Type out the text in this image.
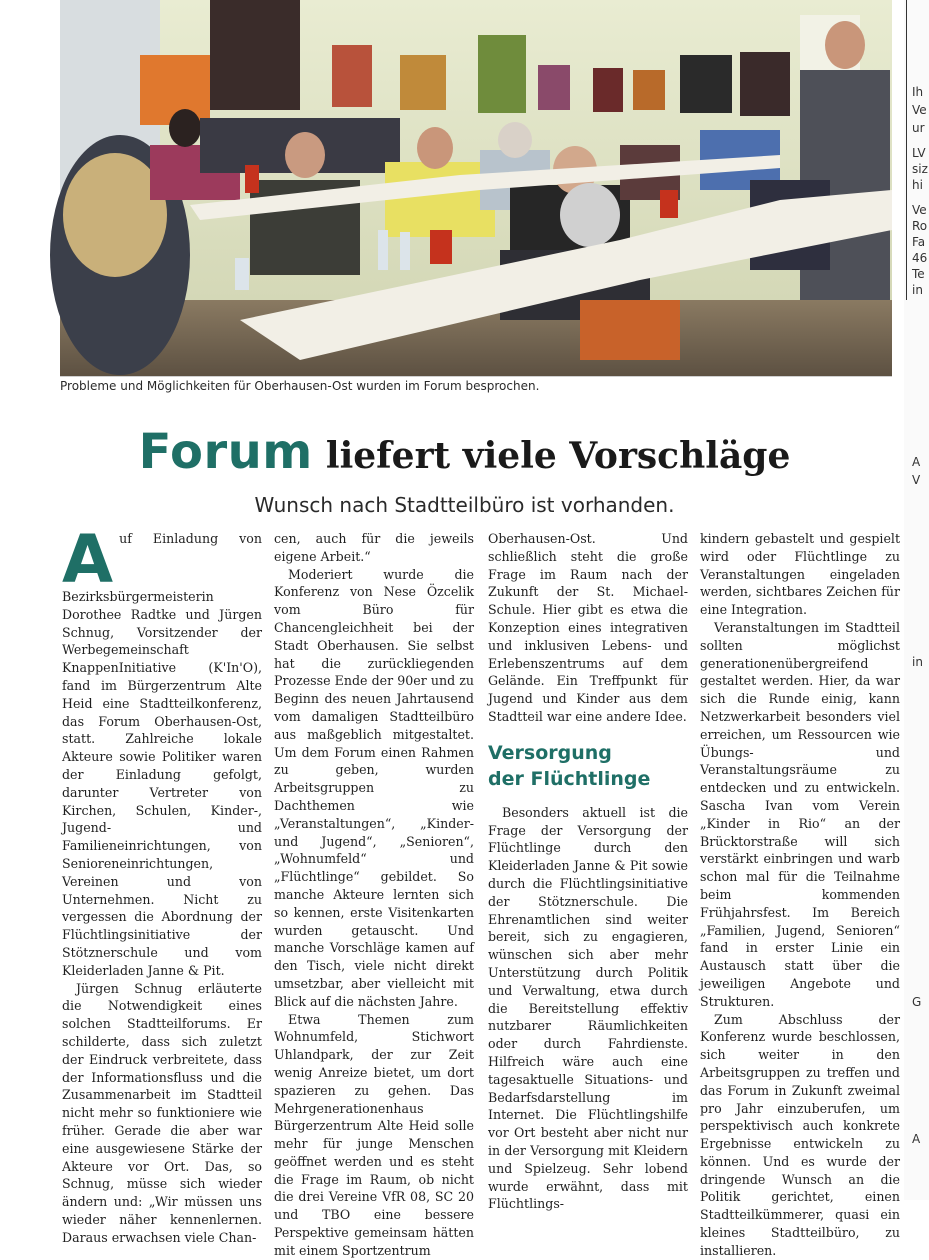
Probleme und Möglichkeiten für Oberhausen-Ost wurden im Forum besprochen.
Forum liefert viele Vorschläge
Wunsch nach Stadtteilbüro ist vorhanden.

Auf Einladung von Bezirksbürgermeisterin Dorothee Radtke und Jürgen Schnug, Vorsitzender der Werbegemeinschaft KnappenInitiative (K'In'O), fand im Bürgerzentrum Alte Heid eine Stadtteilkonferenz, das Forum Oberhausen-Ost, statt. Zahlreiche lokale Akteure sowie Politiker waren der Einladung gefolgt, darunter Vertreter von Kirchen, Schulen, Kinder-, Jugend- und Familieneinrichtungen, von Senioreneinrichtungen, Vereinen und von Unternehmen. Nicht zu vergessen die Abordnung der Flüchtlingsinitiative der Stötznerschule und vom Kleiderladen Janne & Pit.

Jürgen Schnug erläuterte die Notwendigkeit eines solchen Stadtteilforums. Er schilderte, dass sich zuletzt der Eindruck verbreitete, dass der Informationsfluss und die Zusammenarbeit im Stadtteil nicht mehr so funktioniere wie früher. Gerade die aber war eine ausgewiesene Stärke der Akteure vor Ort. Das, so Schnug, müsse sich wieder ändern und: „Wir müssen uns wieder näher kennenlernen. Daraus erwachsen viele Chan-

cen, auch für die jeweils eigene Arbeit.“

Moderiert wurde die Konferenz von Nese Özcelik vom Büro für Chancengleichheit bei der Stadt Oberhausen. Sie selbst hat die zurückliegenden Prozesse Ende der 90er und zu Beginn des neuen Jahrtausend vom damaligen Stadtteilbüro aus maßgeblich mitgestaltet. Um dem Forum einen Rahmen zu geben, wurden Arbeitsgruppen zu Dachthemen wie „Veranstaltungen“, „Kinder- und Jugend“, „Senioren“, „Wohnumfeld“ und „Flüchtlinge“ gebildet. So manche Akteure lernten sich so kennen, erste Visitenkarten wurden getauscht. Und manche Vorschläge kamen auf den Tisch, viele nicht direkt umsetzbar, aber vielleicht mit Blick auf die nächsten Jahre.

Etwa Themen zum Wohnumfeld, Stichwort Uhlandpark, der zur Zeit wenig Anreize bietet, um dort spazieren zu gehen. Das Mehrgenerationenhaus Bürgerzentrum Alte Heid solle mehr für junge Menschen geöffnet werden und es steht die Frage im Raum, ob nicht die drei Vereine VfR 08, SC 20 und TBO eine bessere Perspektive gemeinsam hätten mit einem Sportzentrum

Oberhausen-Ost. Und schließlich steht die große Frage im Raum nach der Zukunft der St. Michael-Schule. Hier gibt es etwa die Konzeption eines integrativen und inklusiven Lebens- und Erlebenszentrums auf dem Gelände. Ein Treffpunkt für Jugend und Kinder aus dem Stadtteil war eine andere Idee.

Versorgung
der Flüchtlinge

Besonders aktuell ist die Frage der Versorgung der Flüchtlinge durch den Kleiderladen Janne & Pit sowie durch die Flüchtlingsinitiative der Stötznerschule. Die Ehrenamtlichen sind weiter bereit, sich zu engagieren, wünschen sich aber mehr Unterstützung durch Politik und Verwaltung, etwa durch die Bereitstellung effektiv nutzbarer Räumlichkeiten oder durch Fahrdienste. Hilfreich wäre auch eine tagesaktuelle Situations- und Bedarfsdarstellung im Internet. Die Flüchtlingshilfe vor Ort besteht aber nicht nur in der Versorgung mit Kleidern und Spielzeug. Sehr lobend wurde erwähnt, dass mit Flüchtlings-

kindern gebastelt und gespielt wird oder Flüchtlinge zu Veranstaltungen eingeladen werden, sichtbares Zeichen für eine Integration.

Veranstaltungen im Stadtteil sollten möglichst generationenübergreifend gestaltet werden. Hier, da war sich die Runde einig, kann Netzwerkarbeit besonders viel erreichen, um Ressourcen wie Übungs- und Veranstaltungsräume zu entdecken und zu entwickeln. Sascha Ivan vom Verein „Kinder in Rio“ an der Brücktorstraße will sich verstärkt einbringen und warb schon mal für die Teilnahme beim kommenden Frühjahrsfest. Im Bereich „Familien, Jugend, Senioren“ fand in erster Linie ein Austausch statt über die jeweiligen Angebote und Strukturen.

Zum Abschluss der Konferenz wurde beschlossen, sich weiter in den Arbeitsgruppen zu treffen und das Forum in Zukunft zweimal pro Jahr einzuberufen, um perspektivisch auch konkrete Ergebnisse entwickeln zu können. Und es wurde der dringende Wunsch an die Politik gerichtet, einen Stadtteilkümmerer, quasi ein kleines Stadtteilbüro, zu installieren.

Ih
Ve
ur
LV
siz
hi
Ve
Ro
Fa
46
Te
in
A
V
in
G
A
